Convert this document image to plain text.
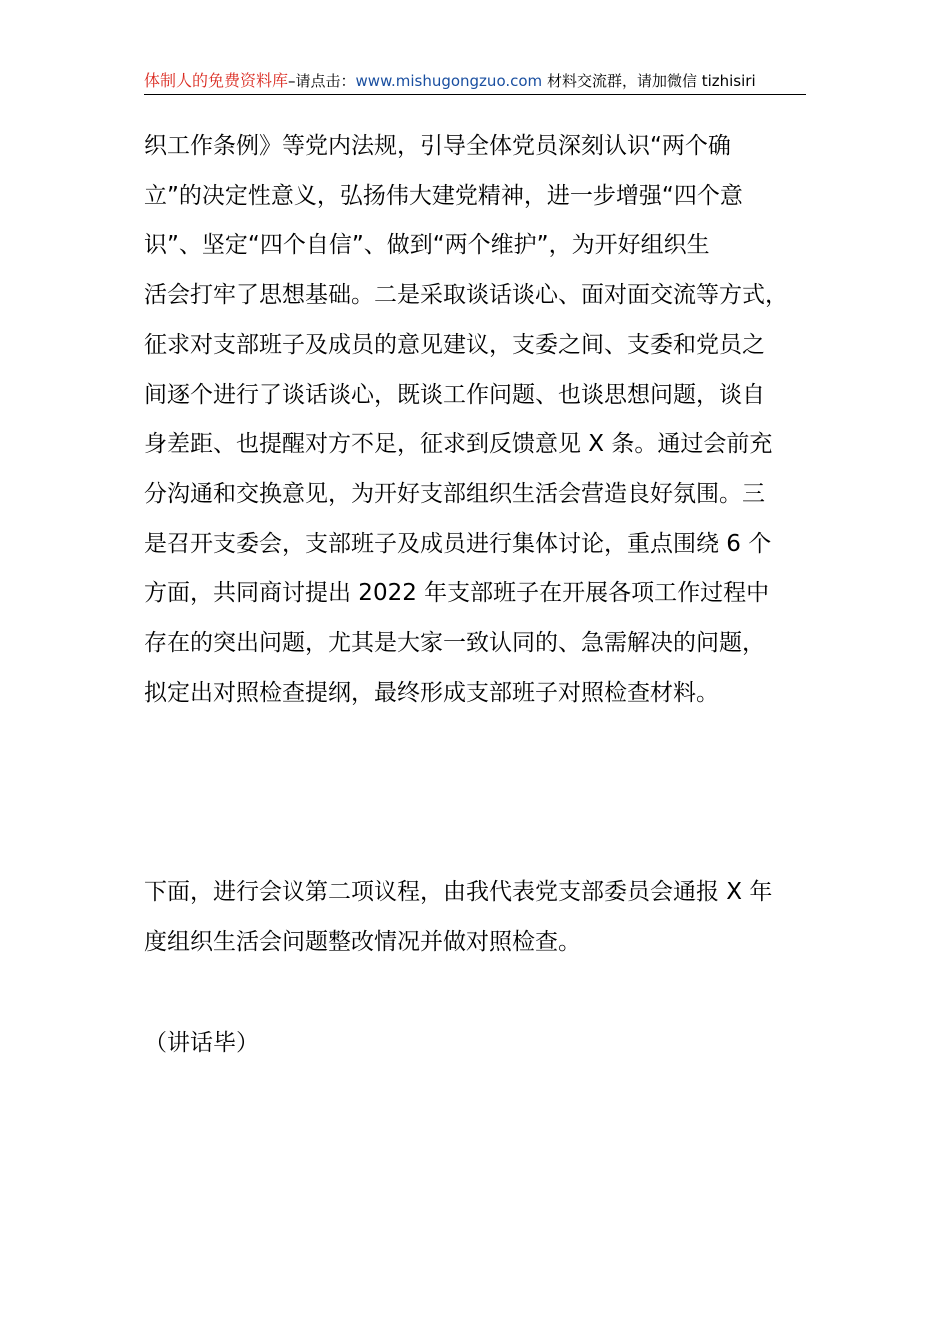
体制人的免费资料库–请点击：www.mishugongzuo.com 材料交流群，请加微信 tizhisiri
织工作条例》等党内法规，引导全体党员深刻认识“两个确
立”的决定性意义，弘扬伟大建党精神，进一步增强“四个意
识”、坚定“四个自信”、做到“两个维护”，为开好组织生
活会打牢了思想基础。二是采取谈话谈心、面对面交流等方式，
征求对支部班子及成员的意见建议，支委之间、支委和党员之
间逐个进行了谈话谈心，既谈工作问题、也谈思想问题，谈自
身差距、也提醒对方不足，征求到反馈意见 X 条。通过会前充
分沟通和交换意见，为开好支部组织生活会营造良好氛围。三
是召开支委会，支部班子及成员进行集体讨论，重点围绕 6 个
方面，共同商讨提出 2022 年支部班子在开展各项工作过程中
存在的突出问题，尤其是大家一致认同的、急需解决的问题，
拟定出对照检查提纲，最终形成支部班子对照检查材料。
下面，进行会议第二项议程，由我代表党支部委员会通报 X 年
度组织生活会问题整改情况并做对照检查。
（讲话毕）
